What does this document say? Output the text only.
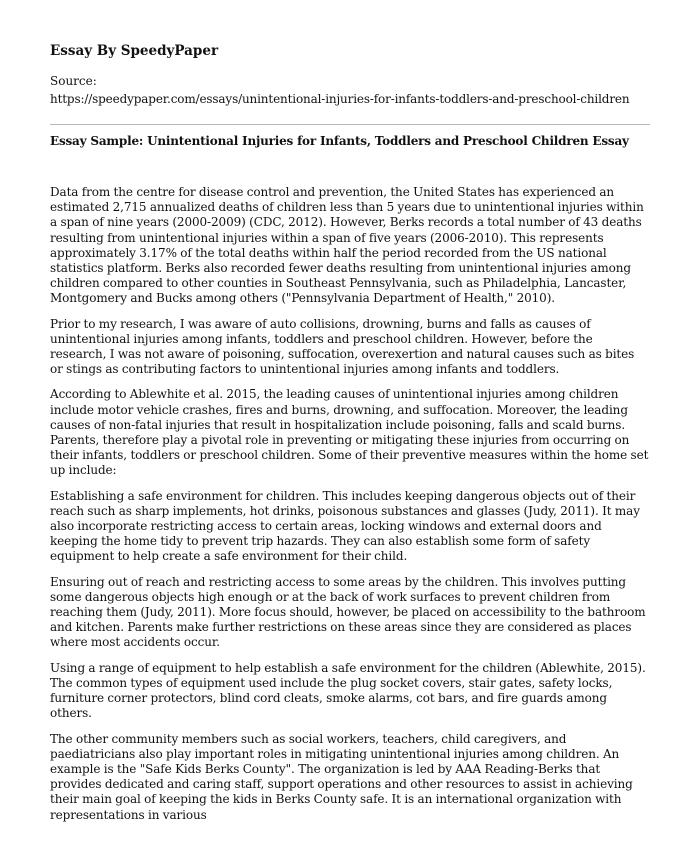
Essay By SpeedyPaper
Source:
https://speedypaper.com/essays/unintentional-injuries-for-infants-toddlers-and-preschool-children
Essay Sample: Unintentional Injuries for Infants, Toddlers and Preschool Children Essay

Data from the centre for disease control and prevention, the United States has experienced an estimated 2,715 annualized deaths of children less than 5 years due to unintentional injuries within a span of nine years (2000-2009) (CDC, 2012). However, Berks records a total number of 43 deaths resulting from unintentional injuries within a span of five years (2006-2010). This represents approximately 3.17% of the total deaths within half the period recorded from the US national statistics platform. Berks also recorded fewer deaths resulting from unintentional injuries among children compared to other counties in Southeast Pennsylvania, such as Philadelphia, Lancaster, Montgomery and Bucks among others ("Pennsylvania Department of Health," 2010).

Prior to my research, I was aware of auto collisions, drowning, burns and falls as causes of unintentional injuries among infants, toddlers and preschool children. However, before the research, I was not aware of poisoning, suffocation, overexertion and natural causes such as bites or stings as contributing factors to unintentional injuries among infants and toddlers.

According to Ablewhite et al. 2015, the leading causes of unintentional injuries among children include motor vehicle crashes, fires and burns, drowning, and suffocation. Moreover, the leading causes of non-fatal injuries that result in hospitalization include poisoning, falls and scald burns. Parents, therefore play a pivotal role in preventing or mitigating these injuries from occurring on their infants, toddlers or preschool children. Some of their preventive measures within the home set up include:

Establishing a safe environment for children. This includes keeping dangerous objects out of their reach such as sharp implements, hot drinks, poisonous substances and glasses (Judy, 2011). It may also incorporate restricting access to certain areas, locking windows and external doors and keeping the home tidy to prevent trip hazards. They can also establish some form of safety equipment to help create a safe environment for their child.

Ensuring out of reach and restricting access to some areas by the children. This involves putting some dangerous objects high enough or at the back of work surfaces to prevent children from reaching them (Judy, 2011). More focus should, however, be placed on accessibility to the bathroom and kitchen. Parents make further restrictions on these areas since they are considered as places where most accidents occur.

Using a range of equipment to help establish a safe environment for the children (Ablewhite, 2015). The common types of equipment used include the plug socket covers, stair gates, safety locks, furniture corner protectors, blind cord cleats, smoke alarms, cot bars, and fire guards among others.

The other community members such as social workers, teachers, child caregivers, and paediatricians also play important roles in mitigating unintentional injuries among children. An example is the "Safe Kids Berks County". The organization is led by AAA Reading-Berks that provides dedicated and caring staff, support operations and other resources to assist in achieving their main goal of keeping the kids in Berks County safe. It is an international organization with representations in various
